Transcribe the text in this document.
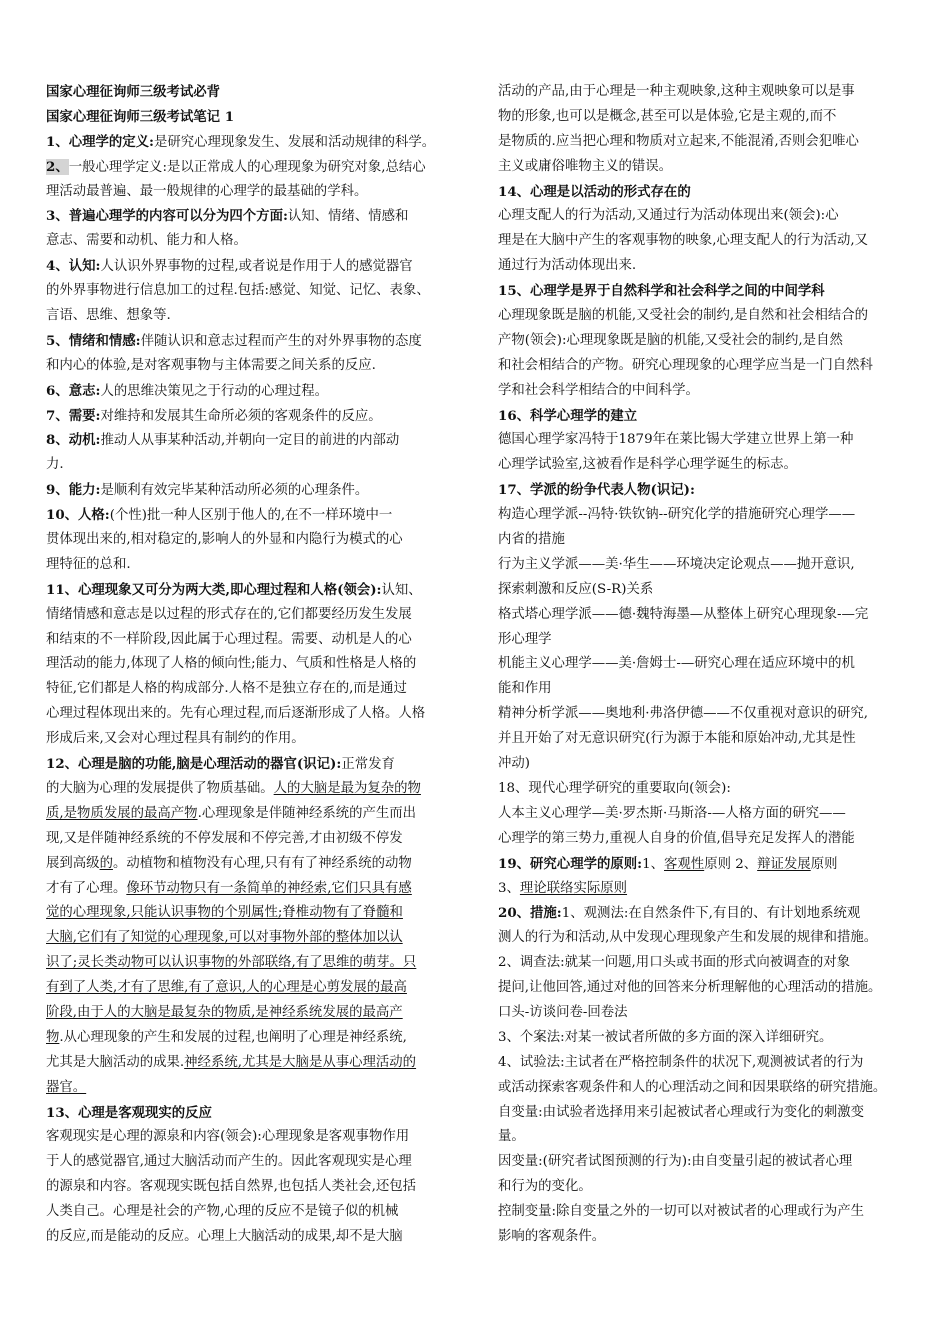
国家心理征询师三级考试必背
国家心理征询师三级考试笔记 1
1、心理学的定义:是研究心理现象发生、发展和活动规律的科学。
2、一般心理学定义:是以正常成人的心理现象为研究对象,总结心
理活动最普遍、最一般规律的心理学的最基础的学科。
3、普遍心理学的内容可以分为四个方面:认知、情绪、情感和
意志、需要和动机、能力和人格。
4、认知:人认识外界事物的过程,或者说是作用于人的感觉器官
的外界事物进行信息加工的过程.包括:感觉、知觉、记忆、表象、
言语、思维、想象等.
5、情绪和情感:伴随认识和意志过程而产生的对外界事物的态度
和内心的体验,是对客观事物与主体需要之间关系的反应.
6、意志:人的思维决策见之于行动的心理过程。
7、需要:对维持和发展其生命所必须的客观条件的反应。
8、动机:推动人从事某种活动,并朝向一定目的前进的内部动
力.
9、能力:是顺利有效完毕某种活动所必须的心理条件。
10、人格:(个性)批一种人区别于他人的,在不一样环境中一
贯体现出来的,相对稳定的,影响人的外显和内隐行为模式的心
理特征的总和.
11、心理现象又可分为两大类,即心理过程和人格(领会):认知、
情绪情感和意志是以过程的形式存在的,它们都要经历发生发展
和结束的不一样阶段,因此属于心理过程。需要、动机是人的心
理活动的能力,体现了人格的倾向性;能力、气质和性格是人格的
特征,它们都是人格的构成部分.人格不是独立存在的,而是通过
心理过程体现出来的。先有心理过程,而后逐渐形成了人格。人格
形成后来,又会对心理过程具有制约的作用。
12、心理是脑的功能,脑是心理活动的器官(识记):正常发育
的大脑为心理的发展提供了物质基础。人的大脑是最为复杂的物
质,是物质发展的最高产物.心理现象是伴随神经系统的产生而出
现,又是伴随神经系统的不停发展和不停完善,才由初级不停发
展到高级的。动植物和植物没有心理,只有有了神经系统的动物
才有了心理。像环节动物只有一条简单的神经索,它们只具有感
觉的心理现象,只能认识事物的个别属性;脊椎动物有了脊髓和
大脑,它们有了知觉的心理现象,可以对事物外部的整体加以认
识了;灵长类动物可以认识事物的外部联络,有了思维的萌芽。只
有到了人类,才有了思维,有了意识,人的心理是心剪发展的最高
阶段,由于人的大脑是最复杂的物质,是神经系统发展的最高产
物.从心理现象的产生和发展的过程,也阐明了心理是神经系统,
尤其是大脑活动的成果.神经系统,尤其是大脑是从事心理活动的
器官。
13、心理是客观现实的反应
客观现实是心理的源泉和内容(领会):心理现象是客观事物作用
于人的感觉器官,通过大脑活动而产生的。因此客观现实是心理
的源泉和内容。客观现实既包括自然界,也包括人类社会,还包括
人类自己。心理是社会的产物,心理的反应不是镜子似的机械
的反应,而是能动的反应。心理上大脑活动的成果,却不是大脑
活动的产品,由于心理是一种主观映象,这种主观映象可以是事
物的形象,也可以是概念,甚至可以是体验,它是主观的,而不
是物质的.应当把心理和物质对立起来,不能混淆,否则会犯唯心
主义或庸俗唯物主义的错误。
14、心理是以活动的形式存在的
心理支配人的行为活动,又通过行为活动体现出来(领会):心
理是在大脑中产生的客观事物的映象,心理支配人的行为活动,又
通过行为活动体现出来.
15、心理学是界于自然科学和社会科学之间的中间学科
心理现象既是脑的机能,又受社会的制约,是自然和社会相结合的
产物(领会):心理现象既是脑的机能,又受社会的制约,是自然
和社会相结合的产物。研究心理现象的心理学应当是一门自然科
学和社会科学相结合的中间科学。
16、科学心理学的建立
德国心理学家冯特于1879年在莱比锡大学建立世界上第一种
心理学试验室,这被看作是科学心理学诞生的标志。
17、学派的纷争代表人物(识记):
构造心理学派--冯特·铁钦钠--研究化学的措施研究心理学——
内省的措施
行为主义学派——美·华生——环境决定论观点——抛开意识,
探索刺激和反应(S-R)关系
格式塔心理学派——德·魏特海墨—从整体上研究心理现象-—完
形心理学
机能主义心理学——美·詹姆士-—研究心理在适应环境中的机
能和作用
精神分析学派——奥地利·弗洛伊德——不仅重视对意识的研究,
并且开始了对无意识研究(行为源于本能和原始冲动,尤其是性
冲动)
18、现代心理学研究的重要取向(领会):
人本主义心理学—美·罗杰斯·马斯洛-—人格方面的研究——
心理学的第三势力,重视人自身的价值,倡导充足发挥人的潜能
19、研究心理学的原则:1、客观性原则 2、辩证发展原则
3、理论联络实际原则
20、措施:1、观测法:在自然条件下,有目的、有计划地系统观
测人的行为和活动,从中发现心理现象产生和发展的规律和措施。
2、调查法:就某一问题,用口头或书面的形式向被调查的对象
提问,让他回答,通过对他的回答来分析理解他的心理活动的措施。
口头-访谈问卷-回卷法
3、个案法:对某一被试者所做的多方面的深入详细研究。
4、试验法:主试者在严格控制条件的状况下,观测被试者的行为
或活动探索客观条件和人的心理活动之间和因果联络的研究措施。
自变量:由试验者选择用来引起被试者心理或行为变化的刺激变
量。
因变量:(研究者试图预测的行为):由自变量引起的被试者心理
和行为的变化。
控制变量:除自变量之外的一切可以对被试者的心理或行为产生
影响的客观条件。
